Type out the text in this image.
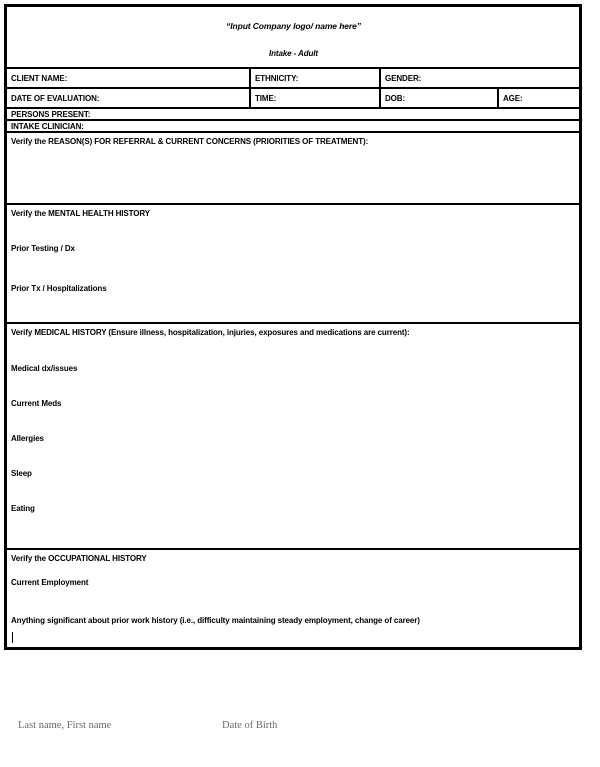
“Input Company logo/ name here”
Intake - Adult
CLIENT NAME:	ETHNICITY:	GENDER:
DATE OF EVALUATION:	TIME:	DOB:	AGE:
PERSONS PRESENT:
INTAKE CLINICIAN:

Verify the REASON(S) FOR REFERRAL & CURRENT CONCERNS (PRIORITIES OF TREATMENT):

Verify the MENTAL HEALTH HISTORY

Prior Testing / Dx

Prior Tx / Hospitalizations

Verify MEDICAL HISTORY (Ensure illness, hospitalization, injuries, exposures and medications are current):

Medical dx/issues

Current Meds

Allergies

Sleep

Eating

Verify the OCCUPATIONAL HISTORY

Current Employment

Anything significant about prior work history (i.e., difficulty maintaining steady employment, change of career)

Last name, First name	Date of Birth
